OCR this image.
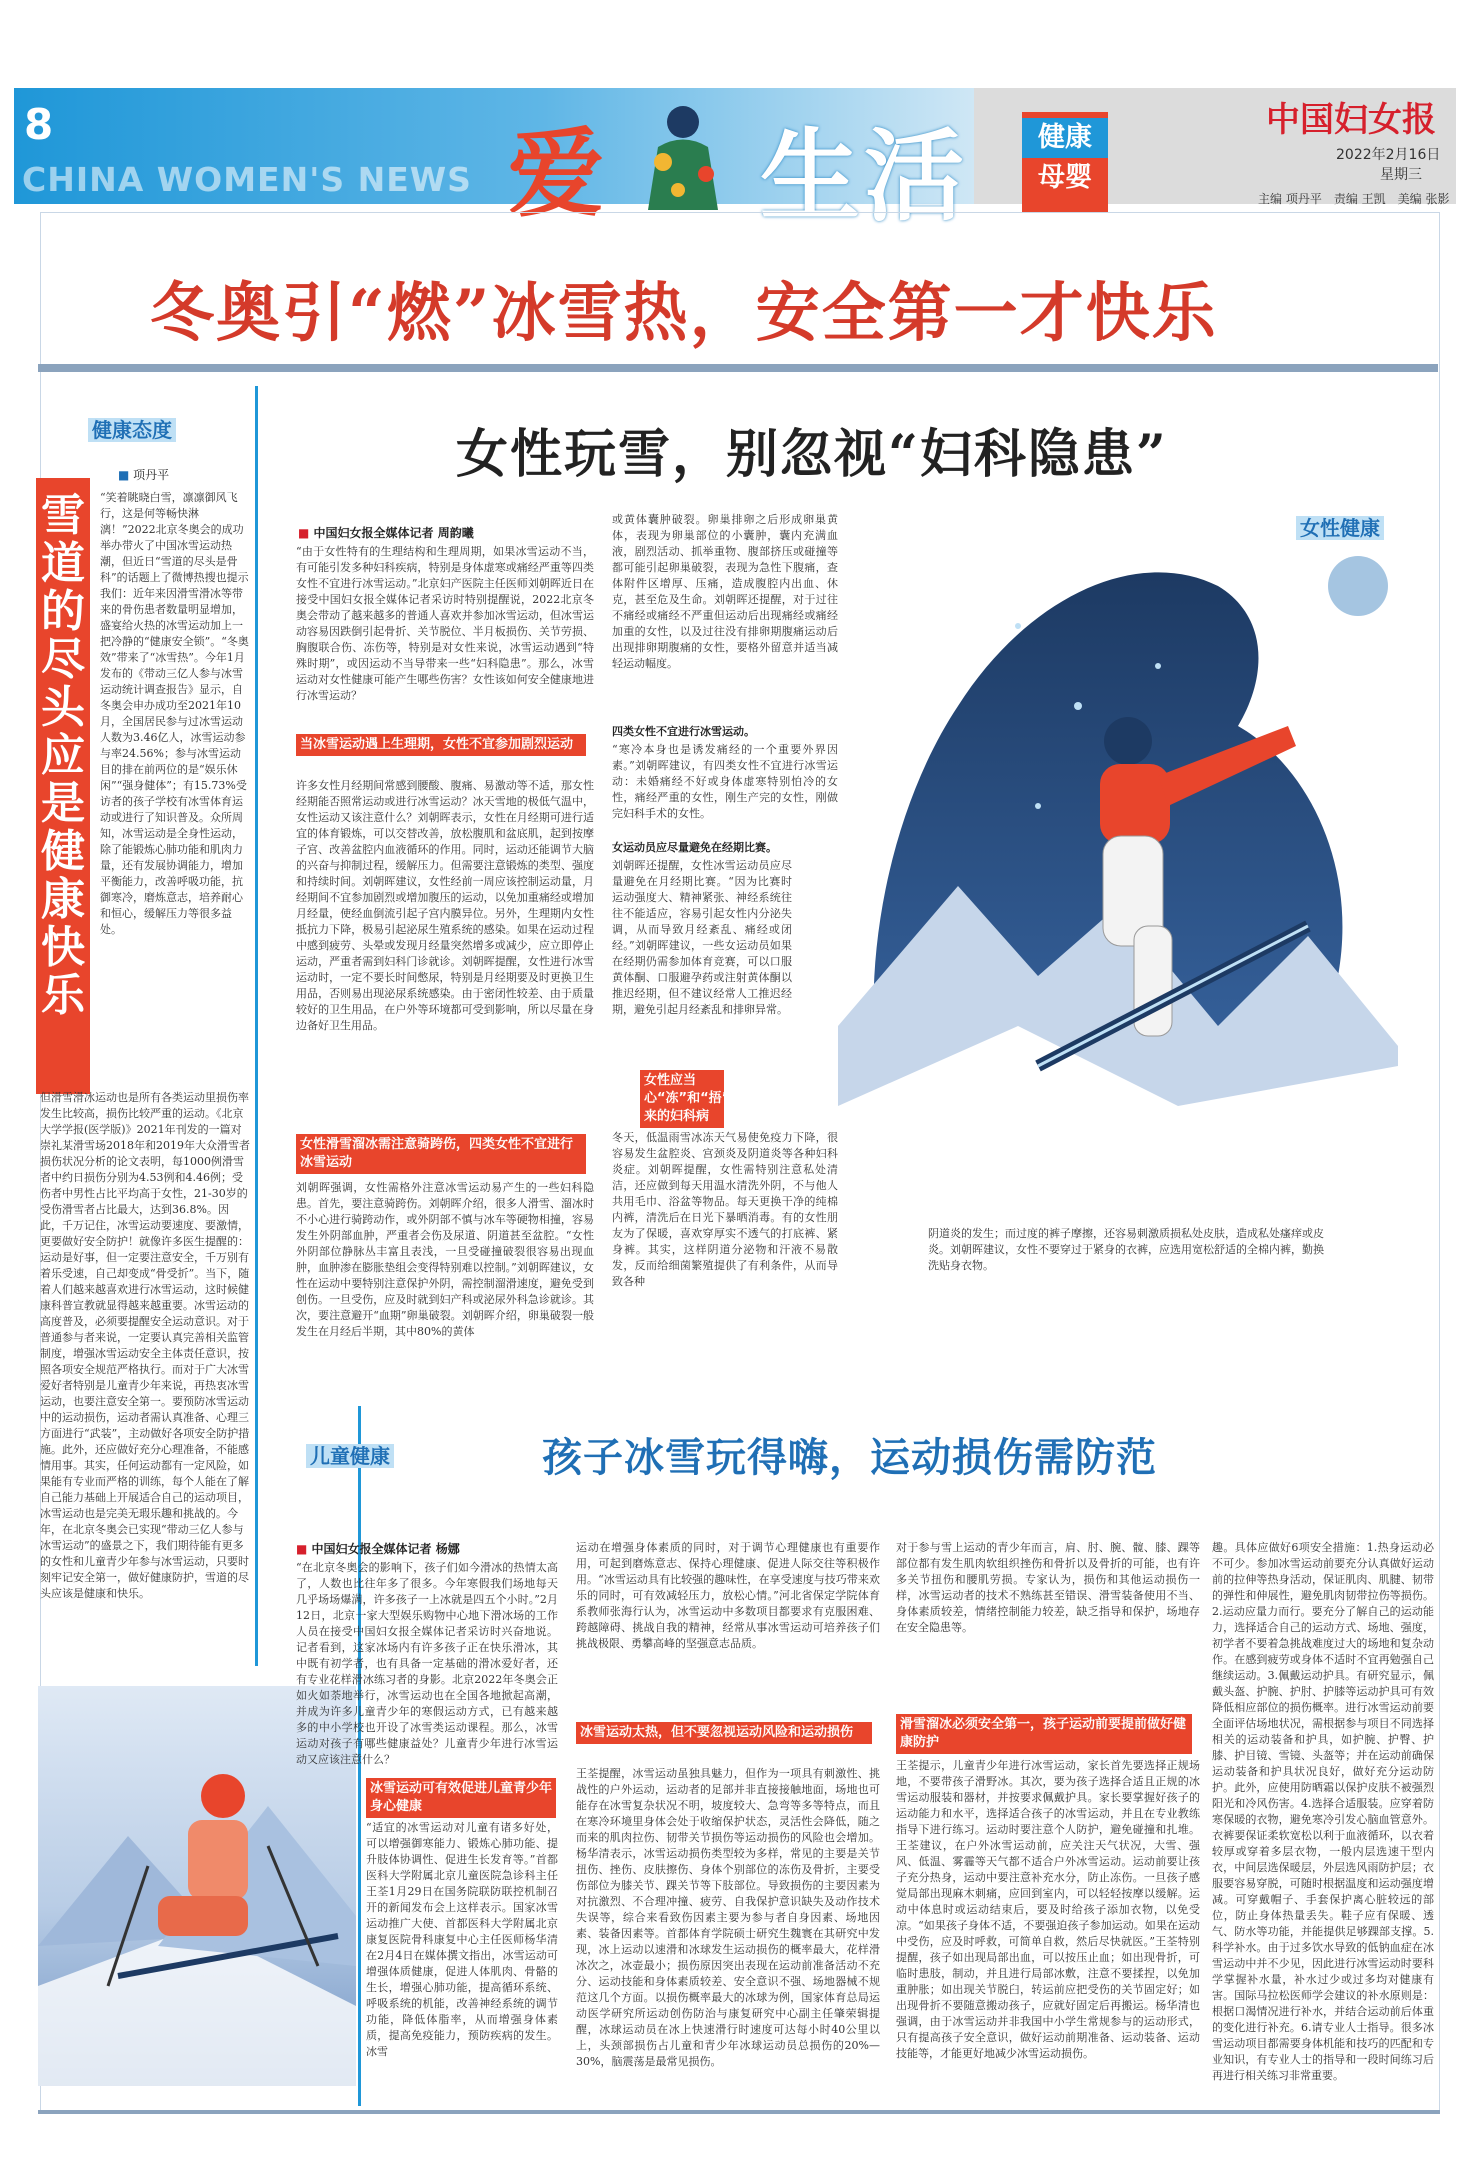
8
CHINA WOMEN'S NEWS 爱 生活	健康
母婴
中国妇女报
2022年2月16日
星期三
主编 项丹平　责编 王凯　美编 张影
冬奥引“燃”冰雪热，安全第一才快乐
健康态度
■ 项丹平
雪道的尽头应是健康快乐
“笑着眺晓白雪，凛凛御风飞行，这是何等畅快淋漓！”2022北京冬奥会的成功举办带火了中国冰雪运动热潮，但近日“雪道的尽头是骨科”的话题上了微博热搜也提示我们：近年来因滑雪滑冰等带来的骨伤患者数量明显增加，盛宴给火热的冰雪运动加上一把冷静的“健康安全锁”。“冬奥效”带来了“冰雪热”。今年1月发布的《带动三亿人参与冰雪运动统计调查报告》显示，自冬奥会申办成功至2021年10月，全国居民参与过冰雪运动人数为3.46亿人，冰雪运动参与率24.56%；参与冰雪运动目的排在前两位的是“娱乐休闲”“强身健体”；有15.73%受访者的孩子学校有冰雪体育运动或进行了知识普及。众所周知，冰雪运动是全身性运动，除了能锻炼心肺功能和肌肉力量，还有发展协调能力，增加平衡能力，改善呼吸功能，抗御寒冷，磨炼意志，培养耐心和恒心，缓解压力等很多益处。
但滑雪滑冰运动也是所有各类运动里损伤率发生比较高，损伤比较严重的运动。《北京大学学报(医学版)》2021年刊发的一篇对崇礼某滑雪场2018年和2019年大众滑雪者损伤状况分析的论文表明，每1000例滑雪者中约日损伤分别为4.53例和4.46例；受伤者中男性占比平均高于女性，21-30岁的受伤滑雪者占比最大，达到36.8%。因此，千万记住，冰雪运动要速度、要激情，更要做好安全防护！就像许多医生提醒的：运动是好事，但一定要注意安全，千万别有着乐受速，自己却变成“骨受折”。当下，随着人们越来越喜欢进行冰雪运动，这时候健康科普宣教就显得越来越重要。冰雪运动的高度普及，必须要提醒安全运动意识。对于普通参与者来说，一定要认真完善相关监管制度，增强冰雪运动安全主体责任意识，按照各项安全规范严格执行。而对于广大冰雪爱好者特别是儿童青少年来说，再热衷冰雪运动，也要注意安全第一。要预防冰雪运动中的运动损伤，运动者需认真准备、心理三方面进行“武装”，主动做好各项安全防护措施。此外，还应做好充分心理准备，不能感情用事。其实，任何运动都有一定风险，如果能有专业而严格的训练，每个人能在了解自己能力基础上开展适合自己的运动项目，冰雪运动也是完美无瑕乐趣和挑战的。今年，在北京冬奥会已实现“带动三亿人参与冰雪运动”的盛景之下，我们期待能有更多的女性和儿童青少年参与冰雪运动，只要时刻牢记安全第一，做好健康防护，雪道的尽头应该是健康和快乐。
女性玩雪，别忽视“妇科隐患”
■ 中国妇女报全媒体记者 周韵曦
“由于女性特有的生理结构和生理周期，如果冰雪运动不当，有可能引发多种妇科疾病，特别是身体虚寒或痛经严重等四类女性不宜进行冰雪运动。”北京妇产医院主任医师刘朝晖近日在接受中国妇女报全媒体记者采访时特别提醒说，2022北京冬奥会带动了越来越多的普通人喜欢并参加冰雪运动，但冰雪运动容易因跌倒引起骨折、关节脱位、半月板损伤、关节劳损、胸腹联合伤、冻伤等，特别是对女性来说，冰雪运动遇到“特殊时期”，或因运动不当导带来一些“妇科隐患”。那么，冰雪运动对女性健康可能产生哪些伤害？女性该如何安全健康地进行冰雪运动？
当冰雪运动遇上生理期，女性不宜参加剧烈运动
许多女性月经期间常感到腰酸、腹痛、易激动等不适，那女性经期能否照常运动或进行冰雪运动？冰天雪地的极低气温中，女性运动又该注意什么？刘朝晖表示，女性在月经期可进行适宜的体育锻炼，可以交替改善，放松腹肌和盆底肌，起到按摩子宫、改善盆腔内血液循环的作用。同时，运动还能调节大脑的兴奋与抑制过程，缓解压力。但需要注意锻炼的类型、强度和持续时间。刘朝晖建议，女性经前一周应该控制运动量，月经期间不宜参加剧烈或增加腹压的运动，以免加重痛经或增加月经量，使经血倒流引起子宫内膜异位。另外，生理期内女性抵抗力下降，极易引起泌尿生殖系统的感染。如果在运动过程中感到疲劳、头晕或发现月经量突然增多或减少，应立即停止运动，严重者需到妇科门诊就诊。刘朝晖提醒，女性进行冰雪运动时，一定不要长时间憋尿，特别是月经期要及时更换卫生用品，否则易出现泌尿系统感染。由于密闭性较差、由于质量较好的卫生用品，在户外等环境都可受到影响，所以尽量在身边备好卫生用品。
女性滑雪溜冰需注意骑跨伤，四类女性不宜进行冰雪运动
刘朝晖强调，女性需格外注意冰雪运动易产生的一些妇科隐患。首先，要注意骑跨伤。刘朝晖介绍，很多人滑雪、溜冰时不小心进行骑跨动作，或外阴部不慎与冰车等硬物相撞，容易发生外阴部血肿，严重者会伤及尿道、阴道甚至盆腔。“女性外阴部位静脉丛丰富且表浅，一旦受碰撞破裂很容易出现血肿，血肿渗在膨胀垫组会变得特别难以控制。”刘朝晖建议，女性在运动中要特别注意保护外阴，需控制溜滑速度，避免受到创伤。一旦受伤，应及时就到妇产科或泌尿外科急诊就诊。其次，要注意避开“血期”卵巢破裂。刘朝晖介绍，卵巢破裂一般发生在月经后半期，其中80%的黄体
或黄体囊肿破裂。卵巢排卵之后形成卵巢黄体，表现为卵巢部位的小囊肿，囊内充满血液，剧烈活动、抓举重物、腹部挤压或碰撞等都可能引起卵巢破裂，表现为急性下腹痛，查体附件区增厚、压痛，造成腹腔内出血、休克，甚至危及生命。刘朝晖还提醒，对于过往不痛经或痛经不严重但运动后出现痛经或痛经加重的女性，以及过往没有排卵期腹痛运动后出现排卵期腹痛的女性，要格外留意并适当减轻运动幅度。
四类女性不宜进行冰雪运动。
“寒冷本身也是诱发痛经的一个重要外界因素。”刘朝晖建议，有四类女性不宜进行冰雪运动：未婚痛经不好或身体虚寒特别怕冷的女性，痛经严重的女性，刚生产完的女性，刚做完妇科手术的女性。
女运动员应尽量避免在经期比赛。
刘朝晖还提醒，女性冰雪运动员应尽量避免在月经期比赛。“因为比赛时运动强度大、精神紧张、神经系统往往不能适应，容易引起女性内分泌失调，从而导致月经紊乱、痛经或闭经。”刘朝晖建议，一些女运动员如果在经期仍需参加体育竞赛，可以口服黄体酮、口服避孕药或注射黄体酮以推迟经期，但不建议经常人工推迟经期，避免引起月经紊乱和排卵异常。
女性应当心“冻”和“捂”出来的妇科病
冬天，低温雨雪冰冻天气易使免疫力下降，很容易发生盆腔炎、宫颈炎及阴道炎等各种妇科炎症。刘朝晖提醒，女性需特别注意私处清洁，还应做到每天用温水清洗外阴，不与他人共用毛巾、浴盆等物品。每天更换干净的纯棉内裤，清洗后在日光下暴晒消毒。有的女性朋友为了保暖，喜欢穿厚实不透气的打底裤、紧身裤。其实，这样阴道分泌物和汗液不易散发，反而给细菌繁殖提供了有利条件，从而导致各种
女性健康
阴道炎的发生；而过度的裤子摩擦，还容易刺激质损私处皮肤，造成私处瘙痒或皮炎。刘朝晖建议，女性不要穿过于紧身的衣裤，应选用宽松舒适的全棉内裤，勤换洗贴身衣物。
儿童健康	孩子冰雪玩得嗨，运动损伤需防范
■ 中国妇女报全媒体记者 杨娜
“在北京冬奥会的影响下，孩子们如今滑冰的热情太高了，人数也比往年多了很多。今年寒假我们场地每天几乎场场爆满，许多孩子一上冰就是四五个小时。”2月12日，北京一家大型娱乐购物中心地下滑冰场的工作人员在接受中国妇女报全媒体记者采访时兴奋地说。记者看到，这家冰场内有许多孩子正在快乐滑冰，其中既有初学者，也有具备一定基础的滑冰爱好者，还有专业花样滑冰练习者的身影。北京2022年冬奥会正如火如荼地举行，冰雪运动也在全国各地掀起高潮，并成为许多儿童青少年的寒假运动方式，已有越来越多的中小学校也开设了冰雪类运动课程。那么，冰雪运动对孩子有哪些健康益处？儿童青少年进行冰雪运动又应该注意什么？
冰雪运动可有效促进儿童青少年身心健康
“适宜的冰雪运动对儿童有诸多好处，可以增强御寒能力、锻炼心肺功能、提升肢体协调性、促进生长发育等。”首都医科大学附属北京儿童医院急诊科主任王荃1月29日在国务院联防联控机制召开的新闻发布会上这样表示。国家冰雪运动推广大使、首都医科大学附属北京康复医院骨科康复中心主任医师杨华清在2月4日在媒体撰文指出，冰雪运动可增强体质健康，促进人体肌肉、骨骼的生长，增强心肺功能，提高循环系统、呼吸系统的机能，改善神经系统的调节功能，降低体脂率，从而增强身体素质，提高免疫能力，预防疾病的发生。冰雪
运动在增强身体素质的同时，对于调节心理健康也有重要作用，可起到磨炼意志、保持心理健康、促进人际交往等积极作用。“冰雪运动具有比较强的趣味性，在享受速度与技巧带来欢乐的同时，可有效减轻压力，放松心情。”河北省保定学院体育系教师张海行认为，冰雪运动中多数项目都要求有克服困难、跨越障碍、挑战自我的精神，经常从事冰雪运动可培养孩子们挑战极限、勇攀高峰的坚强意志品质。
冰雪运动太热，但不要忽视运动风险和运动损伤
王荃提醒，冰雪运动虽独具魅力，但作为一项具有刺激性、挑战性的户外运动，运动者的足部并非直接接触地面，场地也可能存在冰雪复杂状况不明，坡度较大、急弯等多等特点，而且在寒冷环境里身体会处于收缩保护状态，灵活性会降低，随之而来的肌肉拉伤、韧带关节损伤等运动损伤的风险也会增加。杨华清表示，冰雪运动损伤类型较为多样，常见的主要是关节扭伤、挫伤、皮肤擦伤、身体个别部位的冻伤及骨折，主要受伤部位为膝关节、踝关节等下肢部位。导致损伤的主要因素为对抗激烈、不合理冲撞、疲劳、自我保护意识缺失及动作技术失误等，综合来看致伤因素主要为参与者自身因素、场地因素、装备因素等。首都体育学院硕士研究生魏寰在其研究中发现，冰上运动以速滑和冰球发生运动损伤的概率最大，花样滑冰次之，冰壶最小；损伤原因突出表现在运动前准备活动不充分、运动技能和身体素质较差、安全意识不强、场地器械不规范这几个方面。以损伤概率最大的冰球为例，国家体育总局运动医学研究所运动创伤防治与康复研究中心副主任肇荣辑提醒，冰球运动员在冰上快速滑行时速度可达每小时40公里以上，头颈部损伤占儿童和青少年冰球运动员总损伤的20%—30%，脑震荡是最常见损伤。
对于参与雪上运动的青少年而言，肩、肘、腕、髋、膝、踝等部位都有发生肌肉软组织挫伤和骨折以及骨折的可能，也有许多关节扭伤和腰肌劳损。专家认为，损伤和其他运动损伤一样，冰雪运动者的技术不熟练甚至错误、滑雪装备使用不当、身体素质较差，情绪控制能力较差，缺乏指导和保护，场地存在安全隐患等。
滑雪溜冰必须安全第一，孩子运动前要提前做好健康防护
王荃提示，儿童青少年进行冰雪运动，家长首先要选择正规场地，不要带孩子滑野冰。其次，要为孩子选择合适且正规的冰雪运动服装和器材，并按要求佩戴护具。家长要掌握好孩子的运动能力和水平，选择适合孩子的冰雪运动，并且在专业教练指导下进行练习。运动时要注意个人防护，避免碰撞和扎堆。王荃建议，在户外冰雪运动前，应关注天气状况，大雪、强风、低温、雾霾等天气都不适合户外冰雪运动。运动前要让孩子充分热身，运动中要注意补充水分，防止冻伤。一旦孩子感觉局部出现麻木刺痛，应回到室内，可以轻轻按摩以缓解。运动中体息时或运动结束后，要及时给孩子添加衣物，以免受凉。“如果孩子身体不适，不要强迫孩子参加运动。如果在运动中受伤，应及时呼救，可简单自救，然后尽快就医。”王荃特别提醒，孩子如出现局部出血，可以按压止血；如出现骨折，可临时患肢，制动，并且进行局部冰敷，注意不要揉捏，以免加重肿胀；如出现关节脱臼，转运前应把受伤的关节固定好；如出现骨折不要随意搬动孩子，应就好固定后再搬运。杨华清也强调，由于冰雪运动并非我国中小学生常规参与的运动形式，只有提高孩子安全意识，做好运动前期准备、运动装备、运动技能等，才能更好地减少冰雪运动损伤。
趣。具体应做好6项安全措施：1.热身运动必不可少。参加冰雪运动前要充分认真做好运动前的拉伸等热身活动，保证肌肉、肌腱、韧带的弹性和伸展性，避免肌肉韧带拉伤等损伤。2.运动应量力而行。要充分了解自己的运动能力，选择适合自己的运动方式、场地、强度，初学者不要着急挑战难度过大的场地和复杂动作。在感到疲劳或身体不适时不宜再勉强自己继续运动。3.佩戴运动护具。有研究显示，佩戴头盔、护腕、护肘、护膝等运动护具可有效降低相应部位的损伤概率。进行冰雪运动前要全面评估场地状况，需根据参与项目不同选择相关的运动装备和护具，如护腕、护臀、护膝、护目镜、雪镜、头盔等；并在运动前确保运动装备和护具状况良好，做好充分运动防护。此外，应使用防晒霜以保护皮肤不被强烈阳光和冷风伤害。4.选择合适服装。应穿着防寒保暖的衣物，避免寒冷引发心脑血管意外。衣裤要保证柔软宽松以利于血液循环，以衣着较厚或穿着多层衣物，一般内层选速干型内衣，中间层选保暖层，外层选风雨防护层；衣服要容易穿脱，可随时根据温度和运动强度增减。可穿戴帽子、手套保护离心脏较远的部位，防止身体热量丢失。鞋子应有保暖、透气、防水等功能，并能提供足够踝部支撑。5.科学补水。由于过多饮水导致的低钠血症在冰雪运动中并不少见，因此进行冰雪运动时要科学掌握补水量，补水过少或过多均对健康有害。国际马拉松医师学会建议的补水原则是：根据口渴情况进行补水，并结合运动前后体重的变化进行补充。6.请专业人士指导。很多冰雪运动项目都需要身体机能和技巧的匹配和专业知识，有专业人士的指导和一段时间练习后再进行相关练习非常重要。
